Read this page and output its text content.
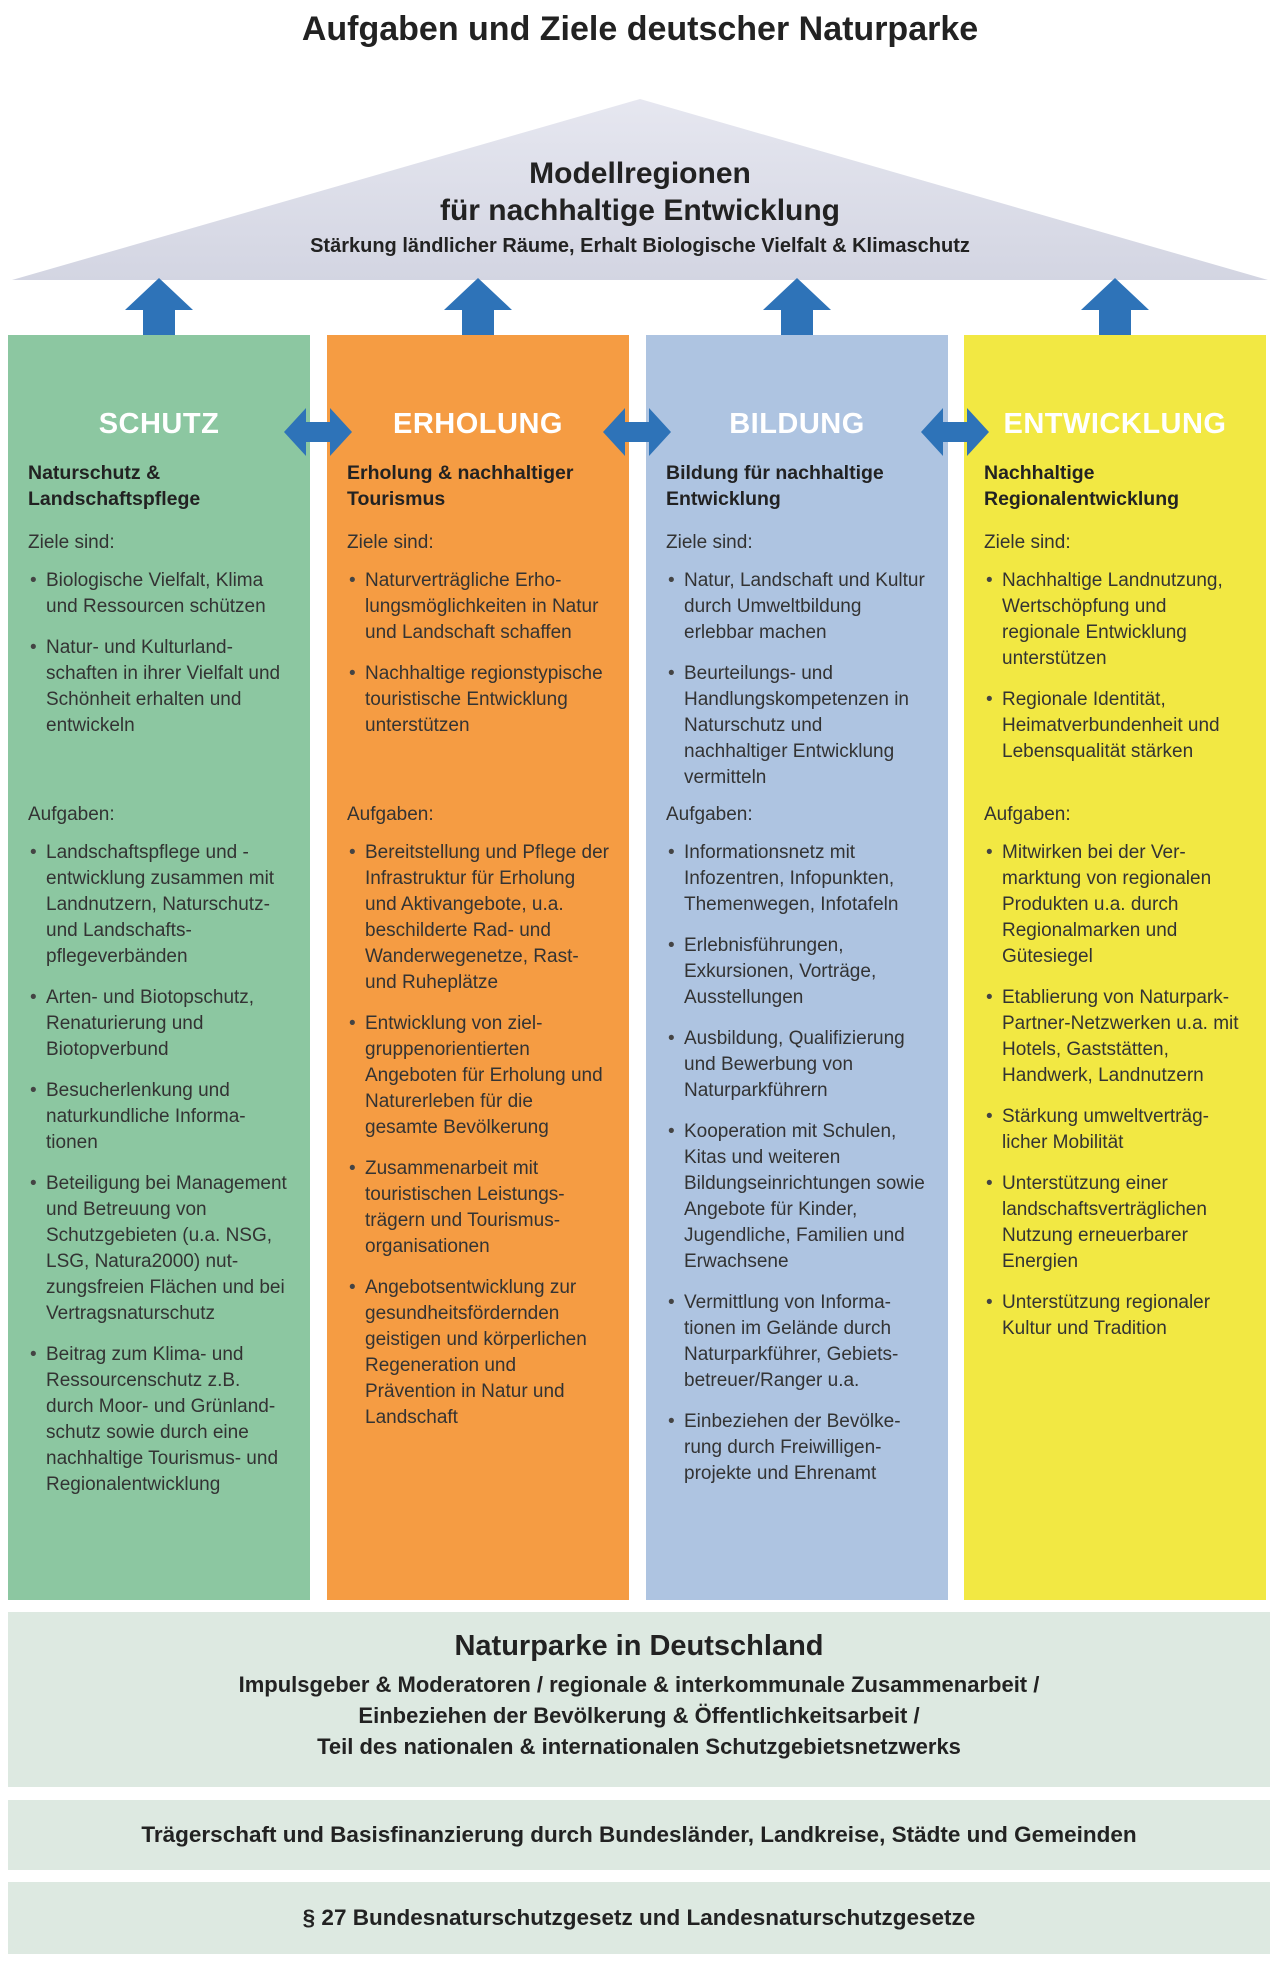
Aufgaben und Ziele deutscher Naturparke
Modellregionen
für nachhaltige Entwicklung
Stärkung ländlicher Räume, Erhalt Biologische Vielfalt & Klimaschutz
SCHUTZ
Naturschutz & Landschaftspflege
Ziele sind:
• Biologische Vielfalt, Klima und Ressourcen schützen
• Natur- und Kulturlandschaften in ihrer Vielfalt und Schönheit erhalten und entwickeln
Aufgaben:
• Landschaftspflege und -entwicklung zusammen mit Landnutzern, Naturschutz- und Landschaftspflegeverbänden
• Arten- und Biotopschutz, Renaturierung und Biotopverbund
• Besucherlenkung und naturkundliche Informationen
• Beteiligung bei Management und Betreuung von Schutzgebieten (u.a. NSG, LSG, Natura2000) nutzungsfreien Flächen und bei Vertragsnaturschutz
• Beitrag zum Klima- und Ressourcenschutz z.B. durch Moor- und Grünlandschutz sowie durch eine nachhaltige Tourismus- und Regionalentwicklung
ERHOLUNG
Erholung & nachhaltiger Tourismus
Ziele sind:
• Naturverträgliche Erholungsmöglichkeiten in Natur und Landschaft schaffen
• Nachhaltige regionstypische touristische Entwicklung unterstützen
Aufgaben:
• Bereitstellung und Pflege der Infrastruktur für Erholung und Aktivangebote, u.a. beschilderte Rad- und Wanderwegenetze, Rast- und Ruheplätze
• Entwicklung von zielgruppenorientierten Angeboten für Erholung und Naturerleben für die gesamte Bevölkerung
• Zusammenarbeit mit touristischen Leistungsträgern und Tourismusorganisationen
• Angebotsentwicklung zur gesundheitsfördernden geistigen und körperlichen Regeneration und Prävention in Natur und Landschaft
BILDUNG
Bildung für nachhaltige Entwicklung
Ziele sind:
• Natur, Landschaft und Kultur durch Umweltbildung erlebbar machen
• Beurteilungs- und Handlungskompetenzen in Naturschutz und nachhaltiger Entwicklung vermitteln
Aufgaben:
• Informationsnetz mit Infozentren, Infopunkten, Themenwegen, Infotafeln
• Erlebnisführungen, Exkursionen, Vorträge, Ausstellungen
• Ausbildung, Qualifizierung und Bewerbung von Naturparkführern
• Kooperation mit Schulen, Kitas und weiteren Bildungseinrichtungen sowie Angebote für Kinder, Jugendliche, Familien und Erwachsene
• Vermittlung von Informationen im Gelände durch Naturparkführer, Gebietsbetreuer/Ranger u.a.
• Einbeziehen der Bevölkerung durch Freiwilligenprojekte und Ehrenamt
ENTWICKLUNG
Nachhaltige Regionalentwicklung
Ziele sind:
• Nachhaltige Landnutzung, Wertschöpfung und regionale Entwicklung unterstützen
• Regionale Identität, Heimatverbundenheit und Lebensqualität stärken
Aufgaben:
• Mitwirken bei der Vermarktung von regionalen Produkten u.a. durch Regionalmarken und Gütesiegel
• Etablierung von Naturpark-Partner-Netzwerken u.a. mit Hotels, Gaststätten, Handwerk, Landnutzern
• Stärkung umweltverträglicher Mobilität
• Unterstützung einer landschaftsverträglichen Nutzung erneuerbarer Energien
• Unterstützung regionaler Kultur und Tradition
Naturparke in Deutschland
Impulsgeber & Moderatoren / regionale & interkommunale Zusammenarbeit /
Einbeziehen der Bevölkerung & Öffentlichkeitsarbeit /
Teil des nationalen & internationalen Schutzgebietsnetzwerks
Trägerschaft und Basisfinanzierung durch Bundesländer, Landkreise, Städte und Gemeinden
§ 27 Bundesnaturschutzgesetz und Landesnaturschutzgesetze
